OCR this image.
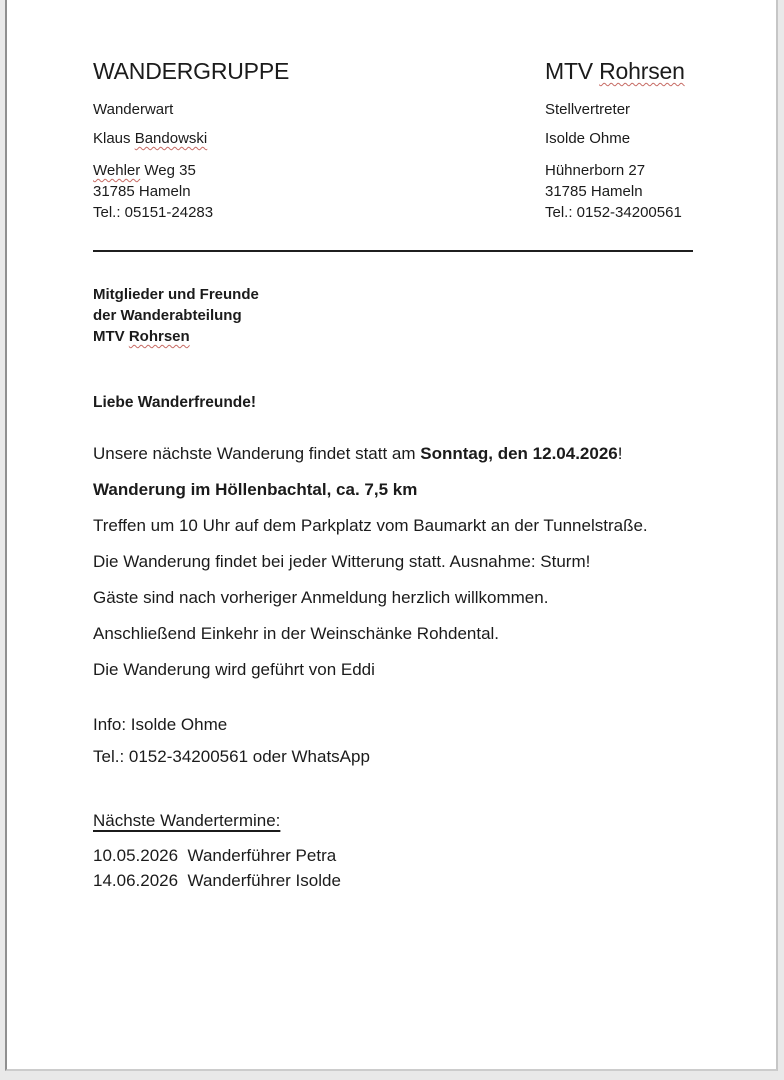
WANDERGRUPPE

Wanderwart

Klaus Bandowski

Wehler Weg 35
31785 Hameln
Tel.: 05151-24283

MTV Rohrsen

Stellvertreter

Isolde Ohme

Hühnerborn 27
31785 Hameln
Tel.: 0152-34200561
Mitglieder und Freunde
der Wanderabteilung
MTV Rohrsen

Liebe Wanderfreunde!

Unsere nächste Wanderung findet statt am Sonntag, den 12.04.2026!

Wanderung im Höllenbachtal, ca. 7,5 km

Treffen um 10 Uhr auf dem Parkplatz vom Baumarkt an der Tunnelstraße.

Die Wanderung findet bei jeder Witterung statt. Ausnahme: Sturm!

Gäste sind nach vorheriger Anmeldung herzlich willkommen.

Anschließend Einkehr in der Weinschänke Rohdental.

Die Wanderung wird geführt von Eddi

Info: Isolde Ohme

Tel.: 0152-34200561 oder WhatsApp

Nächste Wandertermine:

10.05.2026  Wanderführer Petra
14.06.2026  Wanderführer Isolde
